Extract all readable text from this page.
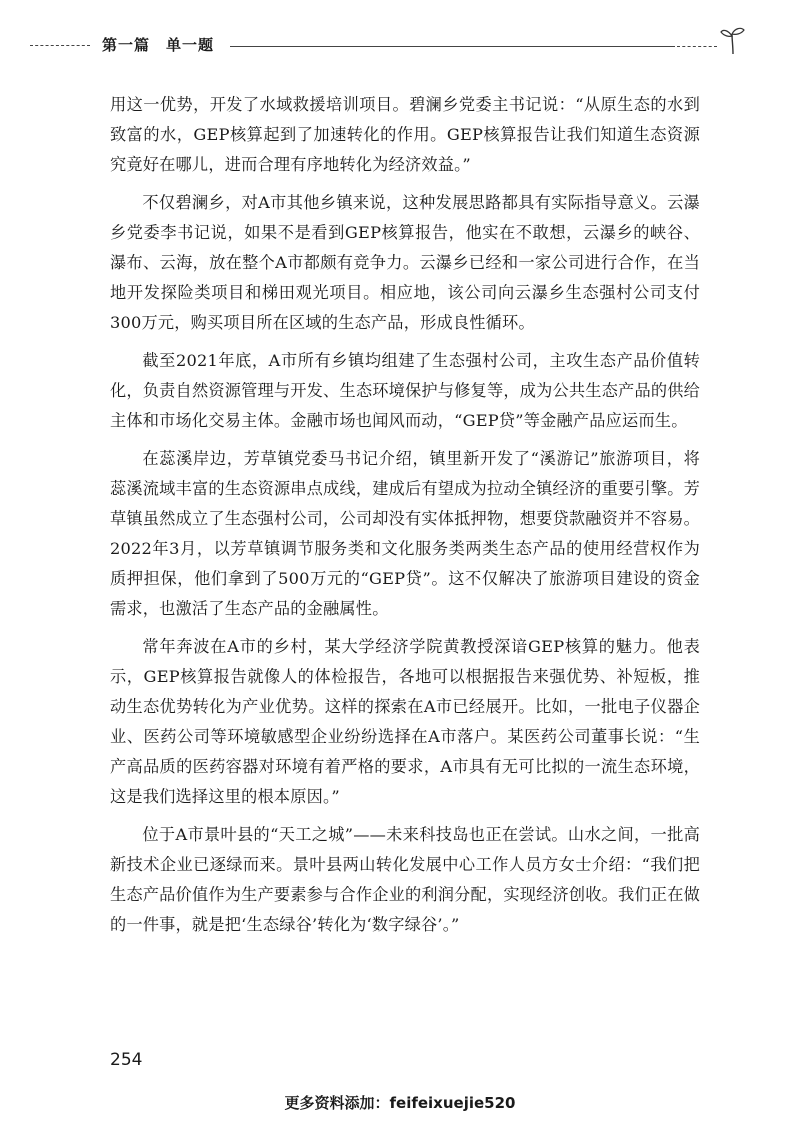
第一篇 单一题

用这一优势，开发了水域救援培训项目。碧澜乡党委主书记说：“从原生态的水到致富的水，GEP核算起到了加速转化的作用。GEP核算报告让我们知道生态资源究竟好在哪儿，进而合理有序地转化为经济效益。”

不仅碧澜乡，对A市其他乡镇来说，这种发展思路都具有实际指导意义。云瀑乡党委李书记说，如果不是看到GEP核算报告，他实在不敢想，云瀑乡的峡谷、瀑布、云海，放在整个A市都颇有竞争力。云瀑乡已经和一家公司进行合作，在当地开发探险类项目和梯田观光项目。相应地，该公司向云瀑乡生态强村公司支付300万元，购买项目所在区域的生态产品，形成良性循环。

截至2021年底，A市所有乡镇均组建了生态强村公司，主攻生态产品价值转化，负责自然资源管理与开发、生态环境保护与修复等，成为公共生态产品的供给主体和市场化交易主体。金融市场也闻风而动，“GEP贷”等金融产品应运而生。

在蕊溪岸边，芳草镇党委马书记介绍，镇里新开发了“溪游记”旅游项目，将蕊溪流域丰富的生态资源串点成线，建成后有望成为拉动全镇经济的重要引擎。芳草镇虽然成立了生态强村公司，公司却没有实体抵押物，想要贷款融资并不容易。2022年3月，以芳草镇调节服务类和文化服务类两类生态产品的使用经营权作为质押担保，他们拿到了500万元的“GEP贷”。这不仅解决了旅游项目建设的资金需求，也激活了生态产品的金融属性。

常年奔波在A市的乡村，某大学经济学院黄教授深谙GEP核算的魅力。他表示，GEP核算报告就像人的体检报告，各地可以根据报告来强优势、补短板，推动生态优势转化为产业优势。这样的探索在A市已经展开。比如，一批电子仪器企业、医药公司等环境敏感型企业纷纷选择在A市落户。某医药公司董事长说：“生产高品质的医药容器对环境有着严格的要求，A市具有无可比拟的一流生态环境，这是我们选择这里的根本原因。”

位于A市景叶县的“天工之城”——未来科技岛也正在尝试。山水之间，一批高新技术企业已逐绿而来。景叶县两山转化发展中心工作人员方女士介绍：“我们把生态产品价值作为生产要素参与合作企业的利润分配，实现经济创收。我们正在做的一件事，就是把‘生态绿谷’转化为‘数字绿谷’。”

254
更多资料添加：feifeixuejie520
